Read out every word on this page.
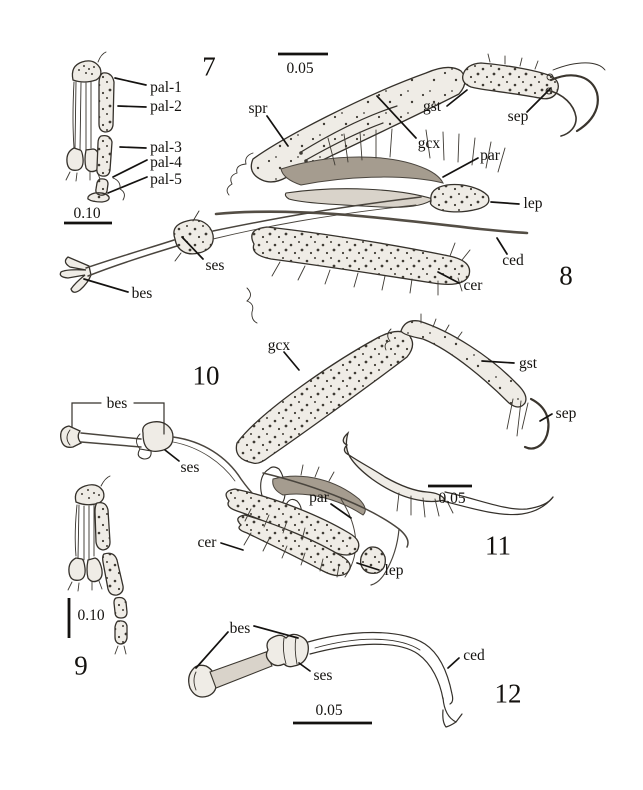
pal-1
pal-2
pal-3
pal-4
pal-5
7
0.10
0.05
spr
gcx
gst
sep
par
lep
ced
cer
ses
bes
8
10
gcx
gst
sep
bes
ses
par
cer
lep
0.05
11
0.10
9
bes
ses
ced
0.05
12
